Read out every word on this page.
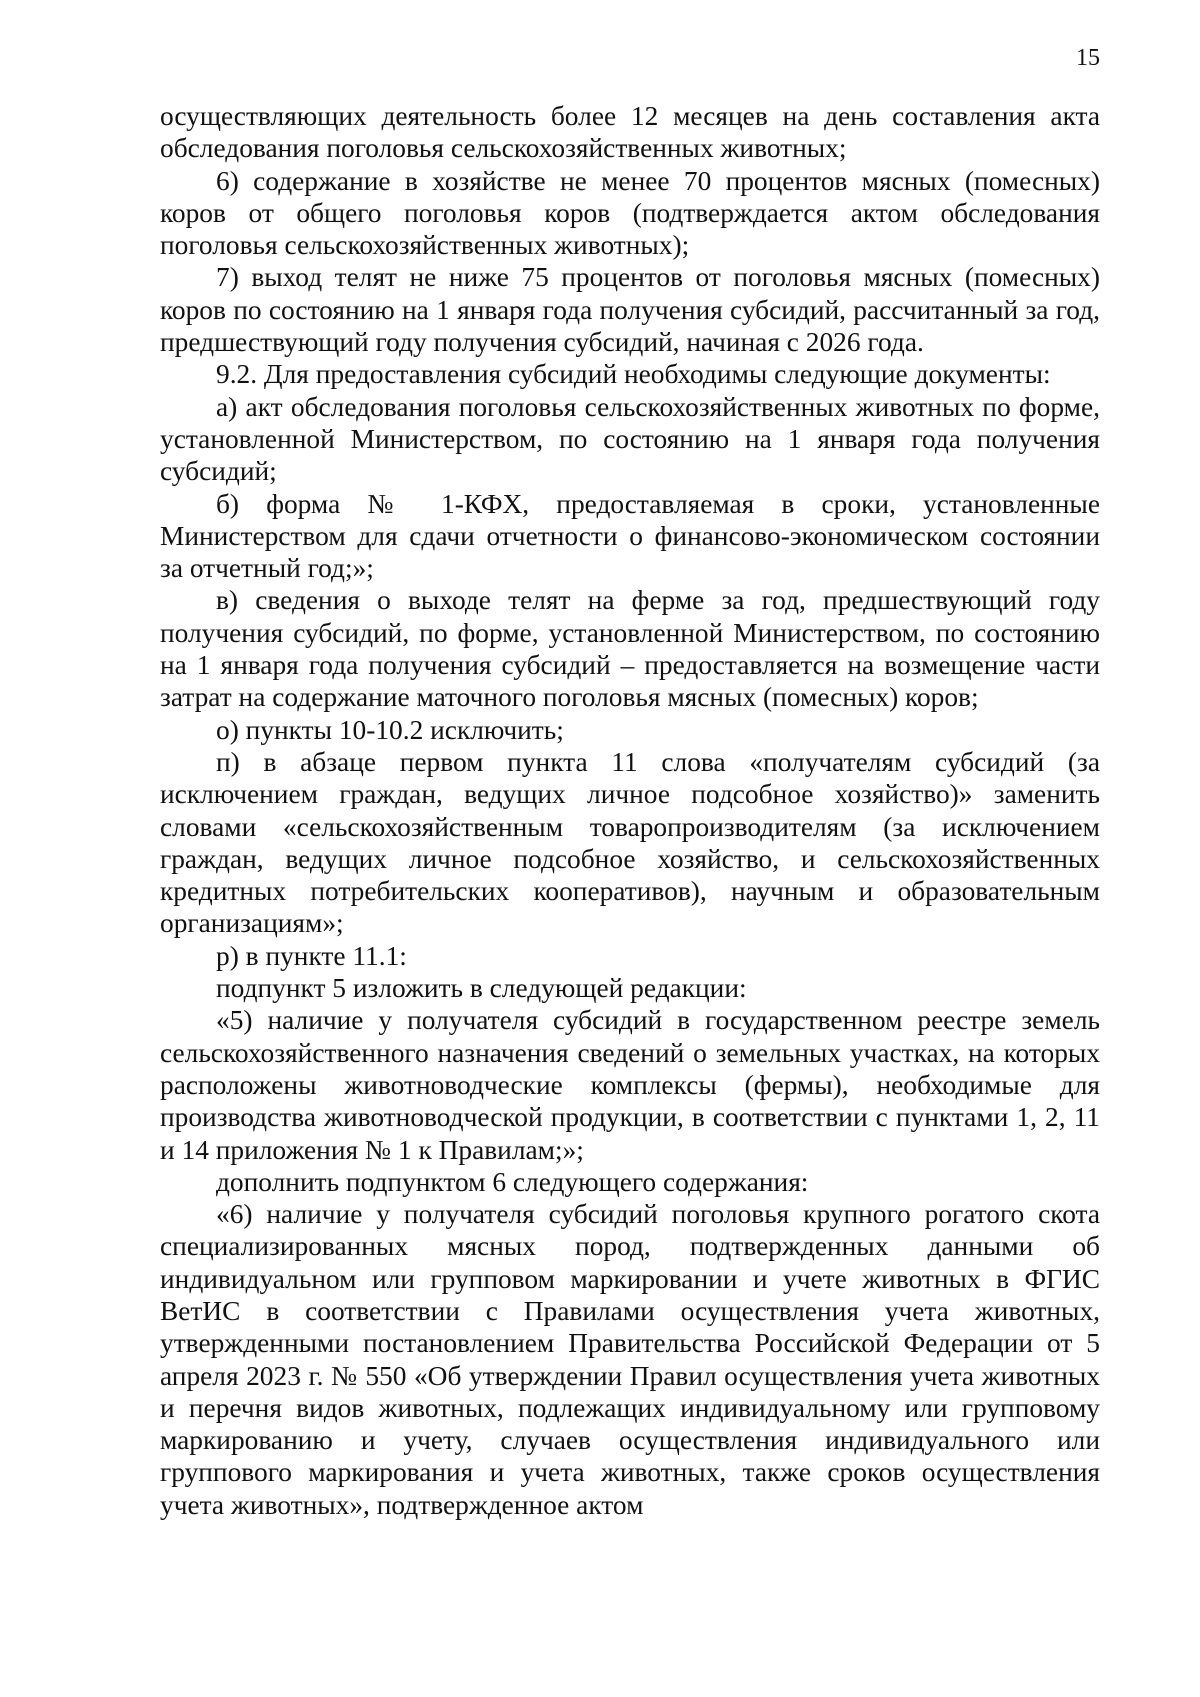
15

осуществляющих деятельность более 12 месяцев на день составления акта обследования поголовья сельскохозяйственных животных;

6) содержание в хозяйстве не менее 70 процентов мясных (помесных) коров от общего поголовья коров (подтверждается актом обследования поголовья сельскохозяйственных животных);

7) выход телят не ниже 75 процентов от поголовья мясных (помесных) коров по состоянию на 1 января года получения субсидий, рассчитанный за год, предшествующий году получения субсидий, начиная с 2026 года.

9.2. Для предоставления субсидий необходимы следующие документы:

а) акт обследования поголовья сельскохозяйственных животных по форме, установленной Министерством, по состоянию на 1 января года получения субсидий;

б) форма № 1-КФХ, предоставляемая в сроки, установленные Министерством для сдачи отчетности о финансово-экономическом состоянии за отчетный год;»;

в) сведения о выходе телят на ферме за год, предшествующий году получения субсидий, по форме, установленной Министерством, по состоянию на 1 января года получения субсидий – предоставляется на возмещение части затрат на содержание маточного поголовья мясных (помесных) коров;

о) пункты 10-10.2 исключить;

п) в абзаце первом пункта 11 слова «получателям субсидий (за исключением граждан, ведущих личное подсобное хозяйство)» заменить словами «сельскохозяйственным товаропроизводителям (за исключением граждан, ведущих личное подсобное хозяйство, и сельскохозяйственных кредитных потребительских кооперативов), научным и образовательным организациям»;

р) в пункте 11.1:

подпункт 5 изложить в следующей редакции:

«5) наличие у получателя субсидий в государственном реестре земель сельскохозяйственного назначения сведений о земельных участках, на которых расположены животноводческие комплексы (фермы), необходимые для производства животноводческой продукции, в соответствии с пунктами 1, 2, 11 и 14 приложения № 1 к Правилам;»;

дополнить подпунктом 6 следующего содержания:

«6) наличие у получателя субсидий поголовья крупного рогатого скота специализированных мясных пород, подтвержденных данными об индивидуальном или групповом маркировании и учете животных в ФГИС ВетИС в соответствии с Правилами осуществления учета животных, утвержденными постановлением Правительства Российской Федерации от 5 апреля 2023 г. № 550 «Об утверждении Правил осуществления учета животных и перечня видов животных, подлежащих индивидуальному или групповому маркированию и учету, случаев осуществления индивидуального или группового маркирования и учета животных, также сроков осуществления учета животных», подтвержденное актом
